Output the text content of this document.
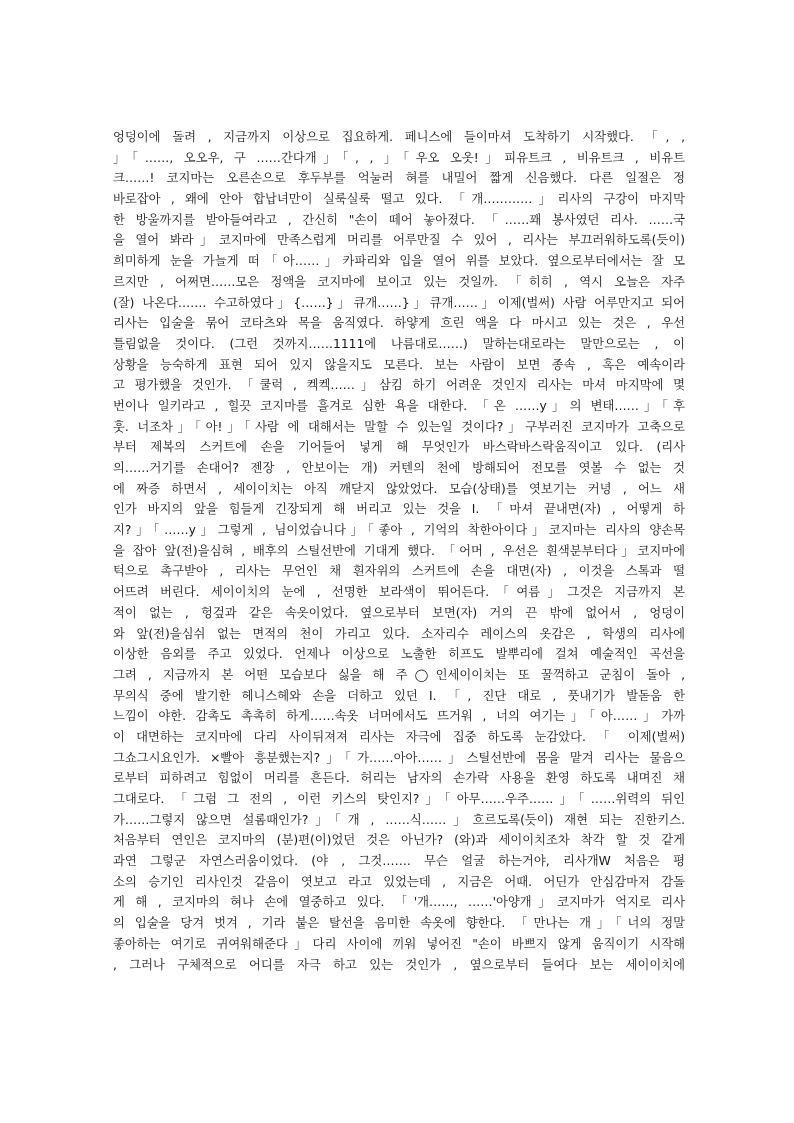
엉덩이에 돌려 , 지금까지 이상으로 집요하게. 페니스에 들이마셔 도착하기 시작했다. 「, ,
」「……, 오오우, 구 ……간다개」「, , 」「우오 오옷!」피유트크 , 비유트크 , 비유트
크……! 코지마는 오른손으로 후두부를 억눌러 혀를 내밀어 짧게 신음했다. 다른 일절은 정
바로잡아 , 왜에 안아 합납녀만이 실룩실룩 떨고 있다. 「개…………」리사의 구강이 마지막
한 방울까지를 받아들여라고 , 간신히 "손이 떼어 놓아졌다. 「……꽤 봉사였던 리사. ……국
을 열어 봐라」코지마에 만족스럽게 머리를 어루만질 수 있어 , 리사는 부끄러워하도록(듯이)
희미하게 눈을 가늘게 떠「아……」카파리와 입을 열어 위를 보았다. 옆으로부터에서는 잘 모
르지만 , 어쩌면……모은 정액을 코지마에 보이고 있는 것일까. 「히히 , 역시 오늘은 자주
(잘) 나온다……. 수고하였다」{……}」큐개……}」큐개……」이제(벌써) 사람 어루만지고 되어
리사는 입술을 묶어 코타츠와 목을 움직였다. 하얗게 흐린 액을 다 마시고 있는 것은 , 우선
틀림없을 것이다. (그런 것까지……1111에 나름대로……) 말하는대로라는 말만으로는 , 이
상황을 능숙하게 표현 되어 있지 않을지도 모른다. 보는 사람이 보면 종속 , 혹은 예속이라
고 평가했을 것인가. 「쿨럭 , 켁켁……」삼킴 하기 어려운 것인지 리사는 마셔 마지막에 몇
번이나 일키라고 , 힐끗 코지마를 흘겨로 심한 욕을 대한다. 「온 ……y」의 변태……」「후
훗. 너조차」「아!」「사람 에 대해서는 말할 수 있는일 것이다?」구부러진 코지마가 고축으로
부터 제복의 스커트에 손을 기어들어 넣게 해 무엇인가 바스락바스락움직이고 있다. (리사
의……거기를 손대어? 젠장 , 안보이는 개) 커텐의 천에 방해되어 전모를 엿볼 수 없는 것
에 짜증 하면서 , 세이이치는 아직 깨닫지 않았었다. 모습(상태)를 엿보기는 커녕 , 어느 새
인가 바지의 앞을 힘들게 긴장되게 해 버리고 있는 것을 I. 「마셔 끝내면(자) , 어떻게 하
지?」「……y」그렇게 , 님이었습니다」「좋아 , 기억의 착한아이다」코지마는 리사의 양손목
을 잡아 앞(전)을심혀 , 배후의 스틸선반에 기대게 했다. 「어머 , 우선은 흰색분부터다」코지마에
턱으로 촉구받아 , 리사는 무언인 채 흰자위의 스커트에 손을 대면(자) , 이것을 스톡과 떨
어뜨려 버린다. 세이이치의 눈에 , 선명한 보라색이 뛰어든다.「여름」그것은 지금까지 본
적이 없는 , 헝겊과 같은 속옷이었다. 옆으로부터 보면(자) 거의 끈 밖에 없어서 , 엉덩이
와 앞(전)을심쉬 없는 면적의 천이 가리고 있다. 소자리수 레이스의 옷감은 , 학생의 리사에
이상한 음외를 주고 있었다. 언제나 이상으로 노출한 히프도 발뿌리에 걸쳐 예술적인 곡선을
그려 , 지금까지 본 어떤 모습보다 싫을 해 주◯인세이이치는 또 꿀꺽하고 군침이 돌아 ,
무의식 중에 발기한 헤니스헤와 손을 더하고 있던 I. 「, 진단 대로 , 풋내기가 발돋움 한
느낌이 야한. 감촉도 촉촉히 하게……속옷 너머에서도 뜨거워 , 너의 여기는」「아……」가까
이 대면하는 코지마에 다리 사이뒤져져 리사는 자극에 집중 하도록 눈감았다. 「 이제(벌써)
그쇼그시요인가. ×빨아 흥분했는지?」「가……아아……」스틸선반에 몸을 맡겨 리사는 물음으
로부터 피하려고 힘없이 머리를 흔든다. 허리는 남자의 손가락 사용을 환영 하도록 내며진 채
그대로다. 「그럼 그 전의 , 이런 키스의 탓인지?」「아무……우주……」「……위력의 뒤인
가……그렇지 않으면 설롬때인가?」「개 , ……식……」흐르도록(듯이) 재현 되는 진한키스.
처음부터 연인은 코지마의 (분)편(이)었던 것은 아닌가? (와)과 세이이치조차 착각 할 것 같게
과연 그렇군 자연스러움이었다. (야 , 그것……. 무슨 얼굴 하는거야, 리사개W 처음은 평
소의 승기인 리사인것 같음이 엿보고 라고 있었는데 , 지금은 어때. 어딘가 안심감마저 감돌
게 해 , 코지마의 혀나 손에 열중하고 있다. 「'개……, ……'아양개」코지마가 억지로 리사
의 입술을 당겨 벗겨 , 기라 붙은 탈선을 음미한 속옷에 향한다. 「만나는 개」「너의 정말
좋아하는 여기로 귀여워해준다」다리 사이에 끼워 넣어진 "손이 바쁘지 않게 움직이기 시작해
, 그러나 구체적으로 어디를 자극 하고 있는 것인가 , 옆으로부터 들여다 보는 세이이치에
